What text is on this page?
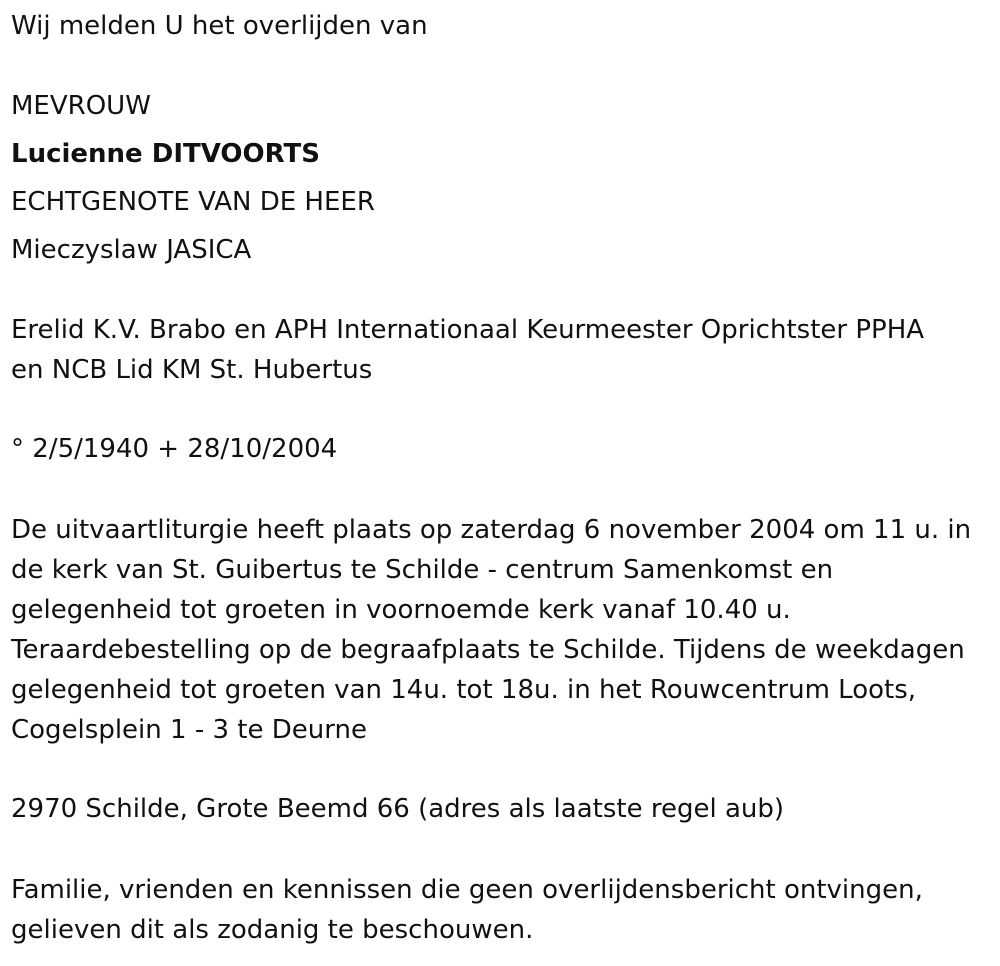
Wij melden U het overlijden van
MEVROUW
Lucienne DITVOORTS
ECHTGENOTE VAN DE HEER
Mieczyslaw JASICA
Erelid K.V. Brabo en APH Internationaal Keurmeester Oprichtster PPHA
en NCB Lid KM St. Hubertus
° 2/5/1940 + 28/10/2004
De uitvaartliturgie heeft plaats op zaterdag 6 november 2004 om 11 u. in
de kerk van St. Guibertus te Schilde - centrum Samenkomst en
gelegenheid tot groeten in voornoemde kerk vanaf 10.40 u.
Teraardebestelling op de begraafplaats te Schilde. Tijdens de weekdagen
gelegenheid tot groeten van 14u. tot 18u. in het Rouwcentrum Loots,
Cogelsplein 1 - 3 te Deurne
2970 Schilde, Grote Beemd 66 (adres als laatste regel aub)
Familie, vrienden en kennissen die geen overlijdensbericht ontvingen,
gelieven dit als zodanig te beschouwen.
